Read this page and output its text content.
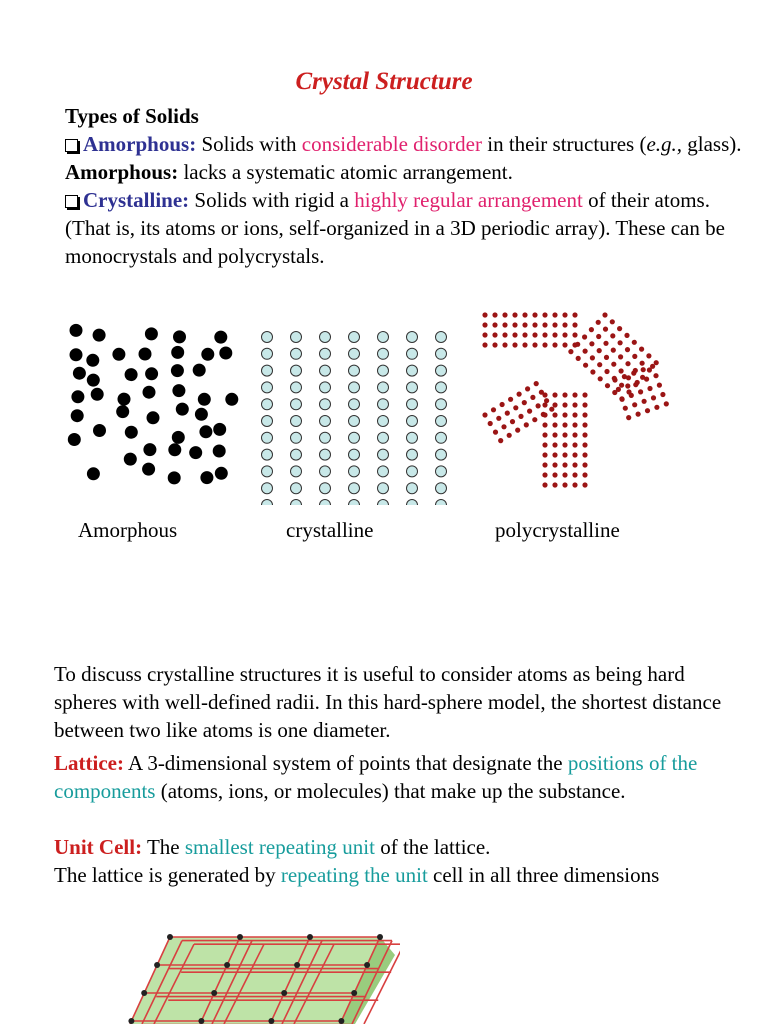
Crystal Structure
Types of Solids
Amorphous: Solids with considerable disorder in their structures (e.g., glass). Amorphous: lacks a systematic atomic arrangement.
Crystalline: Solids with rigid a highly regular arrangement of their atoms. (That is, its atoms or ions, self-organized in a 3D periodic array). These can be monocrystals and polycrystals.
Amorphous	crystalline	polycrystalline
To discuss crystalline structures it is useful to consider atoms as being hard spheres with well-defined radii. In this hard-sphere model, the shortest distance between two like atoms is one diameter.
Lattice: A 3-dimensional system of points that designate the positions of the components (atoms, ions, or molecules) that make up the substance.
Unit Cell: The smallest repeating unit of the lattice.
The lattice is generated by repeating the unit cell in all three dimensions
